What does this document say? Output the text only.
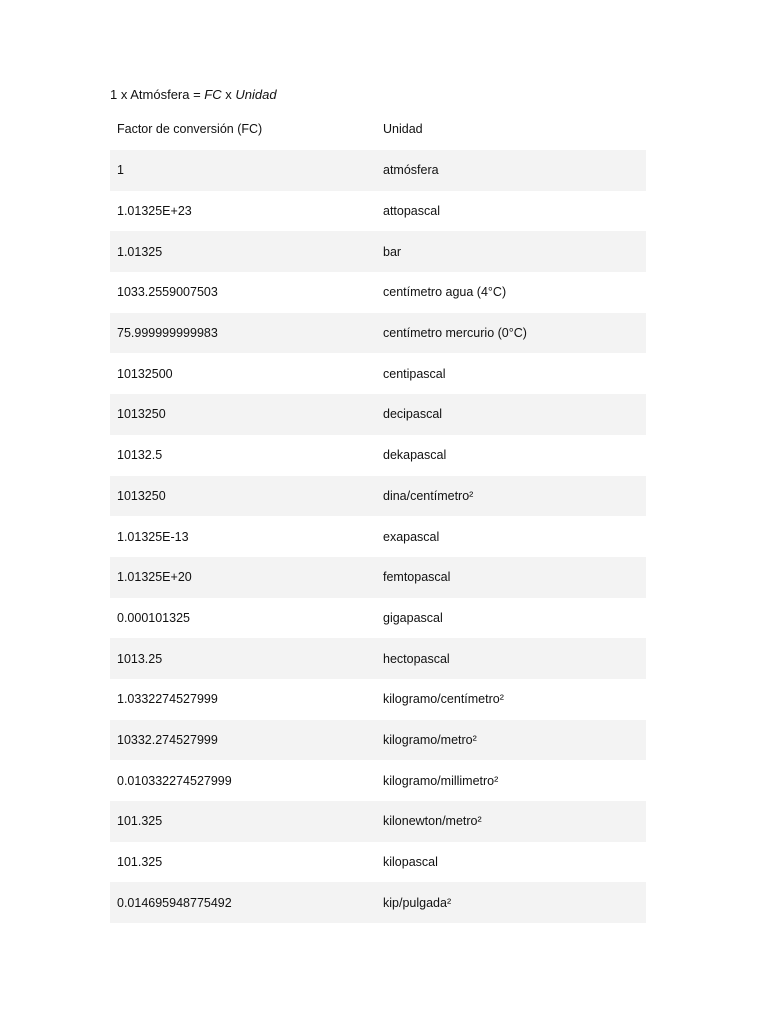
1 x Atmósfera = FC x Unidad
Factor de conversión (FC)	Unidad
1	atmósfera
1.01325E+23	attopascal
1.01325	bar
1033.2559007503	centímetro agua (4°C)
75.999999999983	centímetro mercurio (0°C)
10132500	centipascal
1013250	decipascal
10132.5	dekapascal
1013250	dina/centímetro²
1.01325E-13	exapascal
1.01325E+20	femtopascal
0.000101325	gigapascal
1013.25	hectopascal
1.0332274527999	kilogramo/centímetro²
10332.274527999	kilogramo/metro²
0.010332274527999	kilogramo/millimetro²
101.325	kilonewton/metro²
101.325	kilopascal
0.014695948775492	kip/pulgada²
